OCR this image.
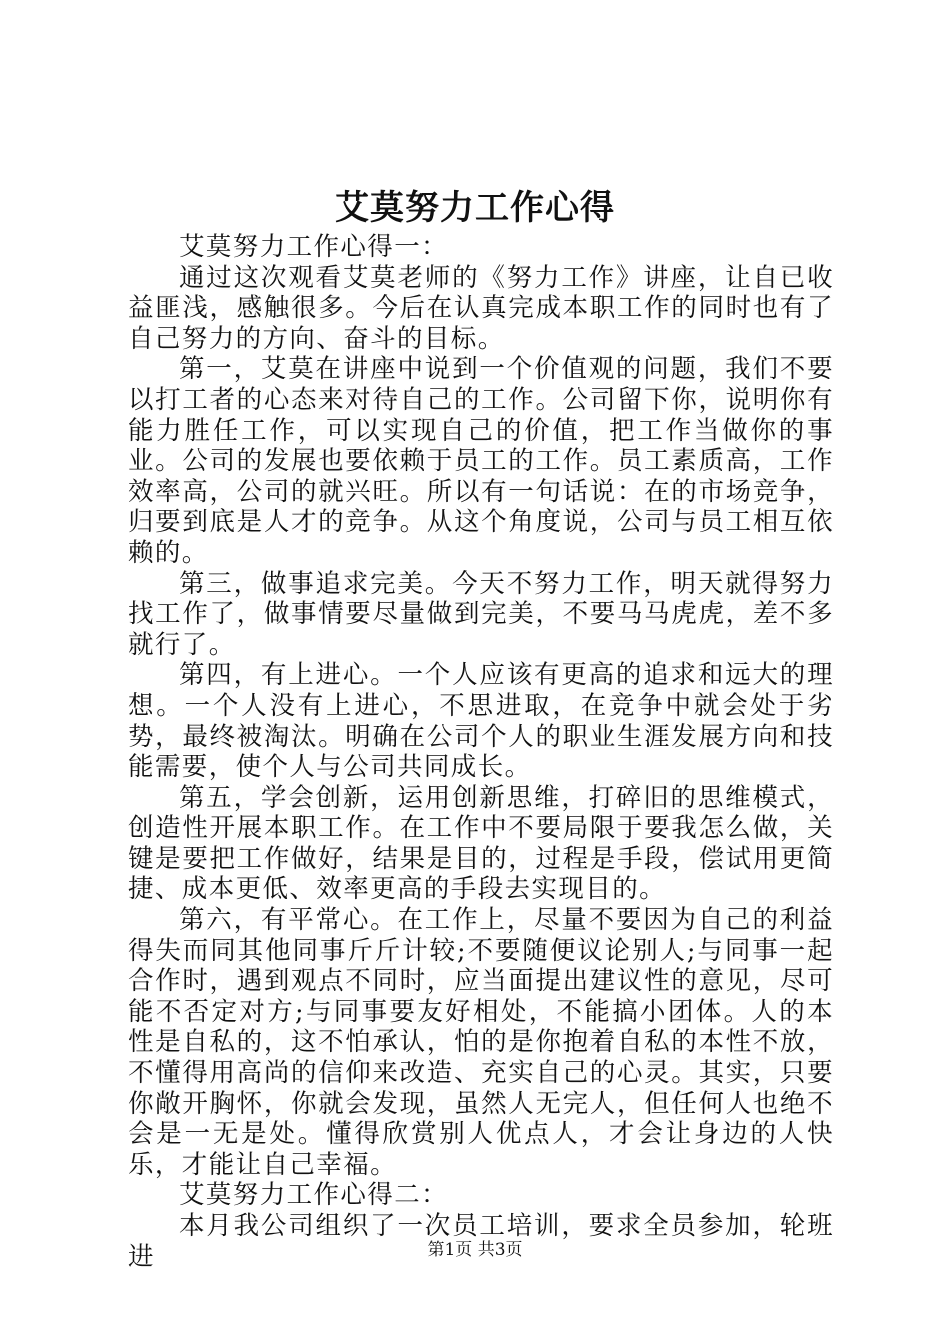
艾莫努力工作心得

艾莫努力工作心得一：

通过这次观看艾莫老师的《努力工作》讲座，让自已收益匪浅，感触很多。今后在认真完成本职工作的同时也有了自己努力的方向、奋斗的目标。

第一，艾莫在讲座中说到一个价值观的问题，我们不要以打工者的心态来对待自己的工作。公司留下你，说明你有能力胜任工作，可以实现自己的价值，把工作当做你的事业。公司的发展也要依赖于员工的工作。员工素质高，工作效率高，公司的就兴旺。所以有一句话说：在的市场竞争，归要到底是人才的竞争。从这个角度说，公司与员工相互依赖的。

第三，做事追求完美。今天不努力工作，明天就得努力找工作了，做事情要尽量做到完美，不要马马虎虎，差不多就行了。

第四，有上进心。一个人应该有更高的追求和远大的理想。一个人没有上进心，不思进取，在竞争中就会处于劣势，最终被淘汰。明确在公司个人的职业生涯发展方向和技能需要，使个人与公司共同成长。

第五，学会创新，运用创新思维，打碎旧的思维模式，创造性开展本职工作。在工作中不要局限于要我怎么做，关键是要把工作做好，结果是目的，过程是手段，偿试用更简捷、成本更低、效率更高的手段去实现目的。

第六，有平常心。在工作上，尽量不要因为自己的利益得失而同其他同事斤斤计较;不要随便议论别人;与同事一起合作时，遇到观点不同时，应当面提出建议性的意见，尽可能不否定对方;与同事要友好相处，不能搞小团体。人的本性是自私的，这不怕承认，怕的是你抱着自私的本性不放，不懂得用高尚的信仰来改造、充实自己的心灵。其实，只要你敞开胸怀，你就会发现，虽然人无完人，但任何人也绝不会是一无是处。懂得欣赏别人优点人，才会让身边的人快乐，才能让自己幸福。

艾莫努力工作心得二：

本月我公司组织了一次员工培训，要求全员参加，轮班进	第1页 共3页
